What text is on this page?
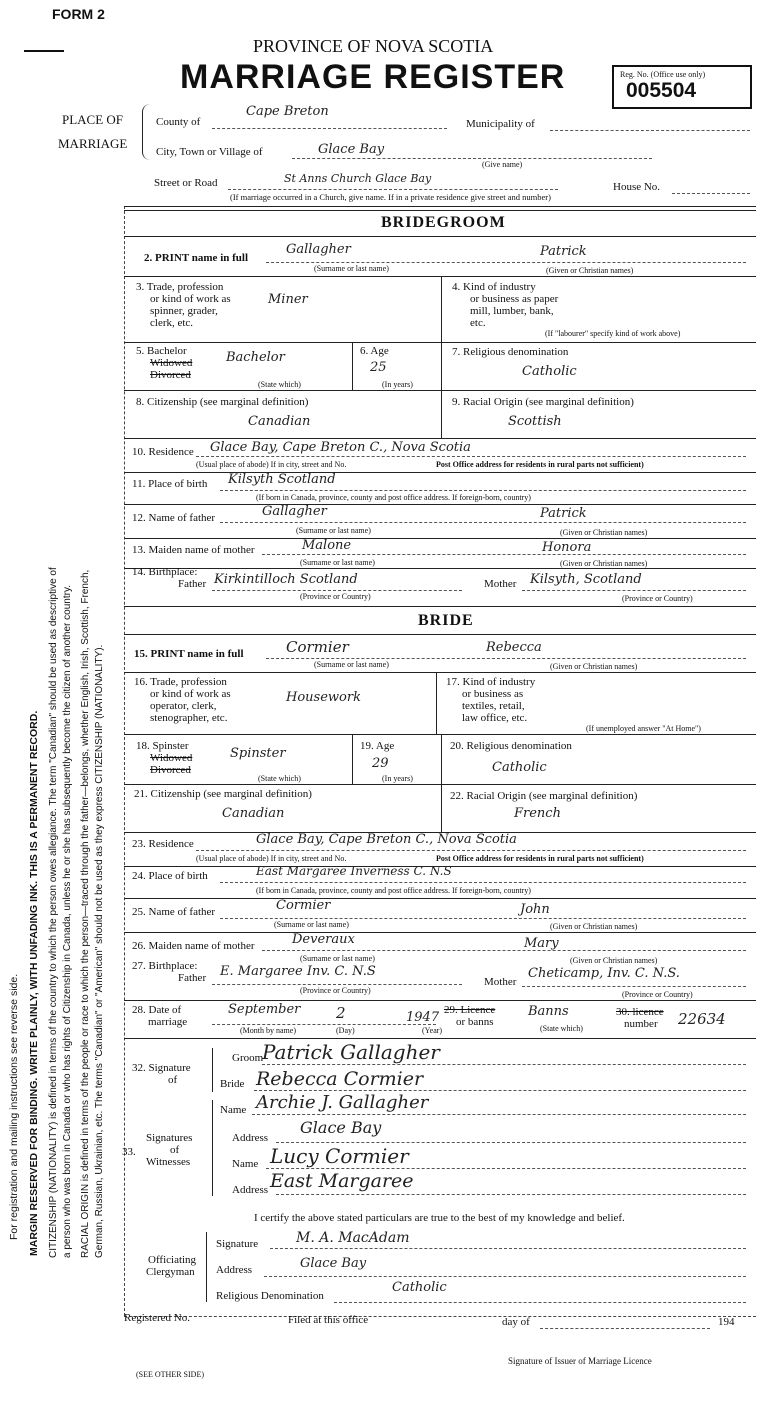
FORM 2
PROVINCE OF NOVA SCOTIA
MARRIAGE REGISTER	Reg. No. (Office use only)
005504
PLACE OF
MARRIAGE
County of
Cape Breton
Municipality of
City, Town or Village of	Glace Bay
(Give name)
Street or Road	St Anns Church Glace Bay
House No.
(If marriage occurred in a Church, give name. If in a private residence give street and number)
For registration and mailing instructions see reverse side. MARGIN RESERVED FOR BINDING. WRITE PLAINLY, WITH UNFADING INK. THIS IS A PERMANENT RECORD. CITIZENSHIP (NATIONALITY) is defined in terms of the country to which the person owes allegiance. The term "Canadian" should be used as descriptive of a person who was born in Canada or who has rights of Citizenship in Canada, unless he or she has subsequently become the citizen of another country. RACIAL ORIGIN is defined in terms of the people or race to which the person—traced through the father—belongs, whether English, Irish, Scottish, French, German, Russian, Ukrainian, etc. The terms "Canadian" or "American" should not be used as they express CITIZENSHIP (NATIONALITY).
BRIDEGROOM
2. PRINT name in full
Gallagher	Patrick
(Surname or last name)	(Given or Christian names)
3. Trade, profession
or kind of work as
spinner, grader,
clerk, etc.
Miner
4. Kind of industry
or business as paper
mill, lumber, bank,
etc.
(If "labourer" specify kind of work above)
5. Bachelor
Widowed
Divorced
Bachelor
(State which)
6. Age
25
(In years)
7. Religious denomination
Catholic
8. Citizenship (see marginal definition)
Canadian
9. Racial Origin (see marginal definition)
Scottish
10. Residence Glace Bay, Cape Breton C., Nova Scotia
(Usual place of abode) If in city, street and No.	Post Office address for residents in rural parts not sufficient)
11. Place of birth Kilsyth Scotland
(If born in Canada, province, county and post office address. If foreign-born, country)
12. Name of father	Gallagher	Patrick
(Surname or last name)	(Given or Christian names)
13. Maiden name of mother	Malone	Honora
(Surname or last name)	(Given or Christian names)
14. Birthplace:
Father Kirkintilloch Scotland
(Province or Country)
Mother Kilsyth, Scotland
(Province or Country)
BRIDE
15. PRINT name in full	Cormier	Rebecca
(Surname or last name)	(Given or Christian names)
16. Trade, profession
or kind of work as
operator, clerk,
stenographer, etc.
Housework
17. Kind of industry
or business as
textiles, retail,
law office, etc.
(If unemployed answer "At Home")
18. Spinster
Widowed
Divorced
Spinster
(State which)
19. Age
29
(In years)
20. Religious denomination
Catholic
21. Citizenship (see marginal definition)
Canadian
22. Racial Origin (see marginal definition)
French
23. Residence	Glace Bay, Cape Breton C., Nova Scotia
(Usual place of abode) If in city, street and No.	Post Office address for residents in rural parts not sufficient)
24. Place of birth	East Margaree Inverness C. N.S
(If born in Canada, province, county and post office address. If foreign-born, country)
25. Name of father	Cormier	John
(Surname or last name)	(Given or Christian names)
26. Maiden name of mother	Deveraux	Mary
(Surname or last name)	(Given or Christian names)
27. Birthplace:
Father E. Margaree Inv. C. N.S
(Province or Country)
Mother
Cheticamp, Inv. C. N.S.
(Province or Country)
28. Date of
marriage
September 2	1947
(Month by name)	(Day)	(Year)
29. Licence
or banns
Banns
(State which)
30. licence
number 22634
32. Signature
of
Groom
Patrick Gallagher
Bride Rebecca Cormier
Signatures
of
Witnesses
33.
Name Archie J. Gallagher
Address
Glace Bay
Name Lucy Cormier
Address East Margaree
I certify the above stated particulars are true to the best of my knowledge and belief.
Officiating
Clergyman
Signature	M. A. MacAdam
Address	Glace Bay
Religious Denomination
Catholic
Registered No.	Filed at this office	day of	194
Signature of Issuer of Marriage Licence
(SEE OTHER SIDE)
